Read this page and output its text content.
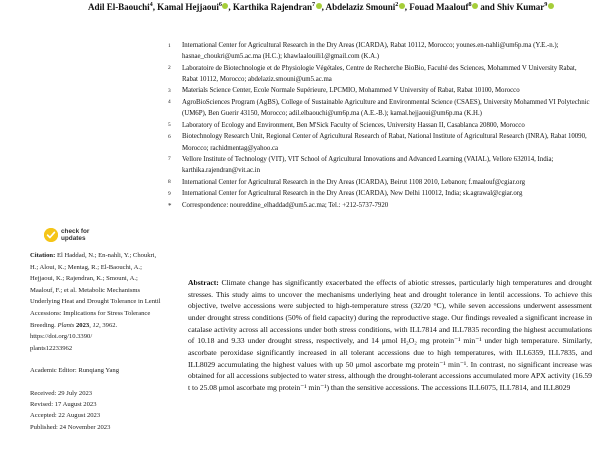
Adil El-Baouchi$^4$, Kamal Hejjaoui$^6$ , Karthika Rajendran$^7$ , Abdelaziz Smouni$^2$ , Fouad Maalouf$^8$ and Shiv Kumar$^9$
1	International Center for Agricultural Research in the Dry Areas (ICARDA), Rabat 10112, Morocco; younes.en-nahli@um6p.ma (Y.E.-n.); hasnae_choukri@um5.ac.ma (H.C.); khawlaalouili1@gmail.com (K.A.)
2	Laboratoire de Biotechnologie et de Physiologie Végétales, Centre de Recherche BioBio, Faculté des Sciences, Mohammed V University Rabat, Rabat 10112, Morocco; abdelaziz.smouni@um5.ac.ma
3	Materials Science Center, Ecole Normale Supérieure, LPCMIO, Mohammed V University of Rabat, Rabat 10100, Morocco
4	AgroBioSciences Program (AgBS), College of Sustainable Agriculture and Environmental Science (CSAES), University Mohammed VI Polytechnic (UM6P), Ben Guerir 43150, Morocco; adil.elbaouchi@um6p.ma (A.E.-B.); kamal.hejjaoui@um6p.ma (K.H.)
5	Laboratory of Ecology and Environment, Ben M'Sick Faculty of Sciences, University Hassan II, Casablanca 20800, Morocco
6	Biotechnology Research Unit, Regional Center of Agricultural Research of Rabat, National Institute of Agricultural Research (INRA), Rabat 10090, Morocco; rachidmentag@yahoo.ca
7	Vellore Institute of Technology (VIT), VIT School of Agricultural Innovations and Advanced Learning (VAIAL), Vellore 632014, India; karthika.rajendran@vit.ac.in
8	International Center for Agricultural Research in the Dry Areas (ICARDA), Beirut 1108 2010, Lebanon; f.maalouf@cgiar.org
9	International Center for Agricultural Research in the Dry Areas (ICARDA), New Delhi 110012, India; sk.agrawal@cgiar.org
*	Correspondence: noureddine_elhaddad@um5.ac.ma; Tel.: +212-5737-7920
check for
updates
Citation: El Haddad, N.; En-nahli, Y.; Choukri, H.; Aloui, K.; Mentag, R.; El-Baouchi, A.; Hejjaoui, K.; Rajendran, K.; Smouni, A.; Maalouf, F.; et al. Metabolic Mechanisms Underlying Heat and Drought Tolerance in Lentil Accessions: Implications for Stress Tolerance Breeding. Plants 2023, 12, 3962.
https://doi.org/10.3390/
plants12233962
Academic Editor: Runqiang Yang
Received: 29 July 2023
Revised: 17 August 2023
Accepted: 22 August 2023
Published: 24 November 2023
Abstract: Climate change has significantly exacerbated the effects of abiotic stresses, particularly high temperatures and drought stresses. This study aims to uncover the mechanisms underlying heat and drought tolerance in lentil accessions. To achieve this objective, twelve accessions were subjected to high-temperature stress (32/20 °C), while seven accessions underwent assessment under drought stress conditions (50% of field capacity) during the reproductive stage. Our findings revealed a significant increase in catalase activity across all accessions under both stress conditions, with ILL7814 and ILL7835 recording the highest accumulations of 10.18 and 9.33 under drought stress, respectively, and 14 μmol H₂O₂ mg protein⁻¹ min⁻¹ under high temperature. Similarly, ascorbate peroxidase significantly increased in all tolerant accessions due to high temperatures, with ILL6359, ILL7835, and ILL8029 accumulating the highest values with up 50 μmol ascorbate mg protein⁻¹ min⁻¹. In contrast, no significant increase was obtained for all accessions subjected to water stress, although the drought-tolerant accessions accumulated more APX activity (16.59 t to 25.08 μmol ascorbate mg protein⁻¹ min⁻¹) than the sensitive accessions. The accessions ILL6075, ILL7814, and ILL8029
